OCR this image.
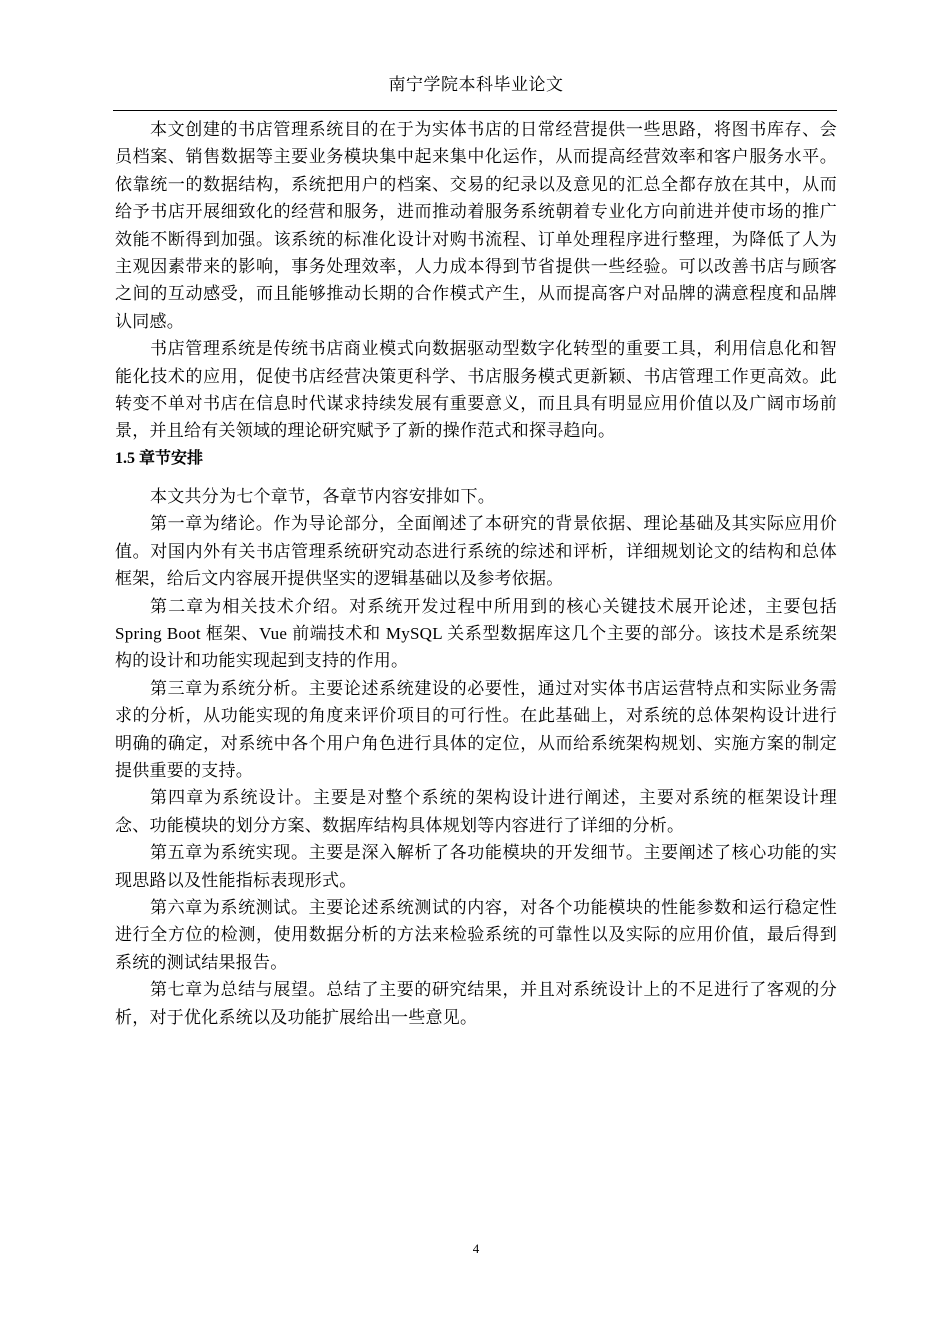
南宁学院本科毕业论文

本文创建的书店管理系统目的在于为实体书店的日常经营提供一些思路，将图书库存、会员档案、销售数据等主要业务模块集中起来集中化运作，从而提高经营效率和客户服务水平。依靠统一的数据结构，系统把用户的档案、交易的纪录以及意见的汇总全都存放在其中，从而给予书店开展细致化的经营和服务，进而推动着服务系统朝着专业化方向前进并使市场的推广效能不断得到加强。该系统的标准化设计对购书流程、订单处理程序进行整理，为降低了人为主观因素带来的影响，事务处理效率，人力成本得到节省提供一些经验。可以改善书店与顾客之间的互动感受，而且能够推动长期的合作模式产生，从而提高客户对品牌的满意程度和品牌认同感。

书店管理系统是传统书店商业模式向数据驱动型数字化转型的重要工具，利用信息化和智能化技术的应用，促使书店经营决策更科学、书店服务模式更新颖、书店管理工作更高效。此转变不单对书店在信息时代谋求持续发展有重要意义，而且具有明显应用价值以及广阔市场前景，并且给有关领域的理论研究赋予了新的操作范式和探寻趋向。

1.5 章节安排

本文共分为七个章节，各章节内容安排如下。

第一章为绪论。作为导论部分，全面阐述了本研究的背景依据、理论基础及其实际应用价值。对国内外有关书店管理系统研究动态进行系统的综述和评析，详细规划论文的结构和总体框架，给后文内容展开提供坚实的逻辑基础以及参考依据。

第二章为相关技术介绍。对系统开发过程中所用到的核心关键技术展开论述，主要包括 Spring Boot 框架、Vue 前端技术和 MySQL 关系型数据库这几个主要的部分。该技术是系统架构的设计和功能实现起到支持的作用。

第三章为系统分析。主要论述系统建设的必要性，通过对实体书店运营特点和实际业务需求的分析，从功能实现的角度来评价项目的可行性。在此基础上，对系统的总体架构设计进行明确的确定，对系统中各个用户角色进行具体的定位，从而给系统架构规划、实施方案的制定提供重要的支持。

第四章为系统设计。主要是对整个系统的架构设计进行阐述，主要对系统的框架设计理念、功能模块的划分方案、数据库结构具体规划等内容进行了详细的分析。

第五章为系统实现。主要是深入解析了各功能模块的开发细节。主要阐述了核心功能的实现思路以及性能指标表现形式。

第六章为系统测试。主要论述系统测试的内容，对各个功能模块的性能参数和运行稳定性进行全方位的检测，使用数据分析的方法来检验系统的可靠性以及实际的应用价值，最后得到系统的测试结果报告。

第七章为总结与展望。总结了主要的研究结果，并且对系统设计上的不足进行了客观的分析，对于优化系统以及功能扩展给出一些意见。

4
